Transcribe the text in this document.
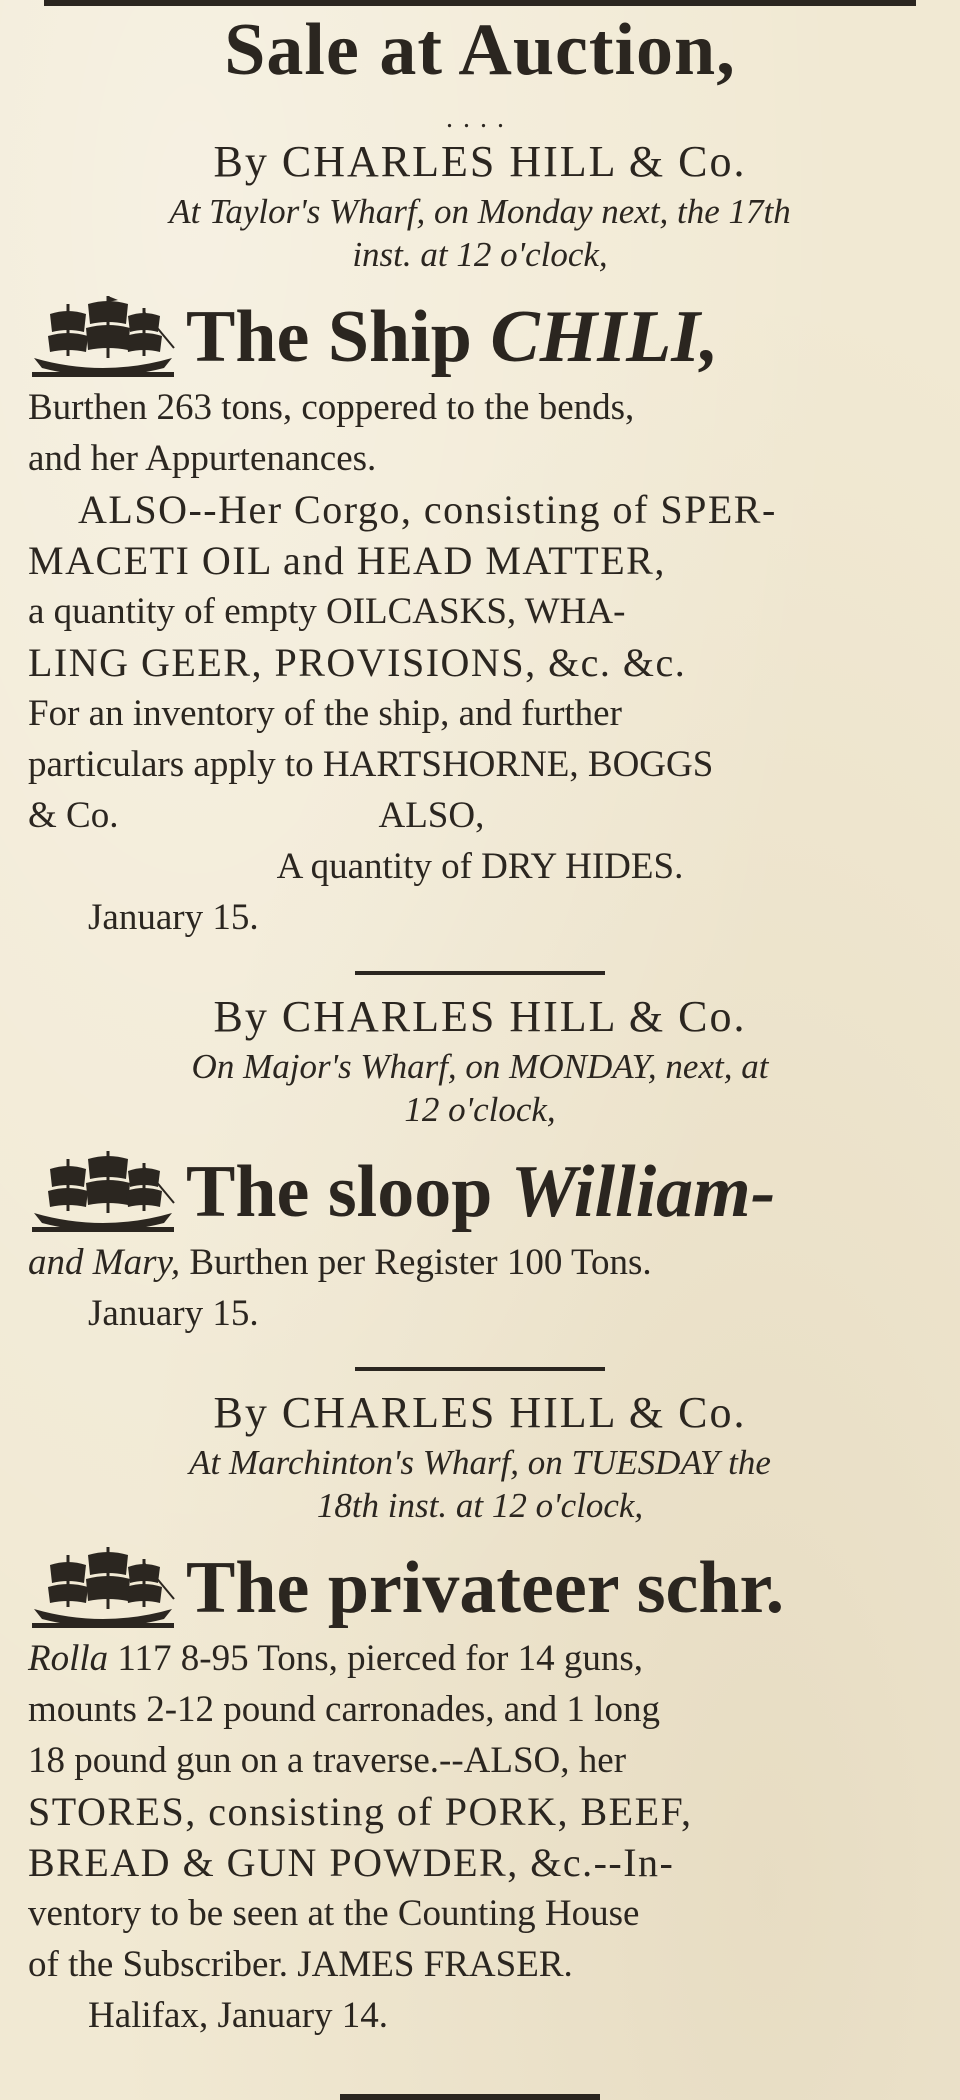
Sale at Auction,
....
By CHARLES HILL & Co.
At Taylor's Wharf, on Monday next, the 17th
inst. at 12 o'clock,
The Ship CHILI,

Burthen 263 tons, coppered to the bends,

and her Appurtenances.

ALSO--Her Corgo, consisting of SPER-

MACETI OIL and HEAD MATTER,

a quantity of empty OILCASKS, WHA-

LING GEER, PROVISIONS, &c. &c.

For an inventory of the ship, and further

particulars apply to HARTSHORNE, BOGGS

& Co.	ALSO,

A quantity of DRY HIDES.

January 15.

By CHARLES HILL & Co.
On Major's Wharf, on MONDAY, next, at
12 o'clock,
The sloop William-

and Mary, Burthen per Register 100 Tons.

January 15.

By CHARLES HILL & Co.
At Marchinton's Wharf, on TUESDAY the
18th inst. at 12 o'clock,
The privateer schr.

Rolla 117 8-95 Tons, pierced for 14 guns,

mounts 2-12 pound carronades, and 1 long

18 pound gun on a traverse.--ALSO, her

STORES, consisting of PORK, BEEF,

BREAD & GUN POWDER, &c.--In-

ventory to be seen at the Counting House

of the Subscriber. JAMES FRASER.

Halifax, January 14.
